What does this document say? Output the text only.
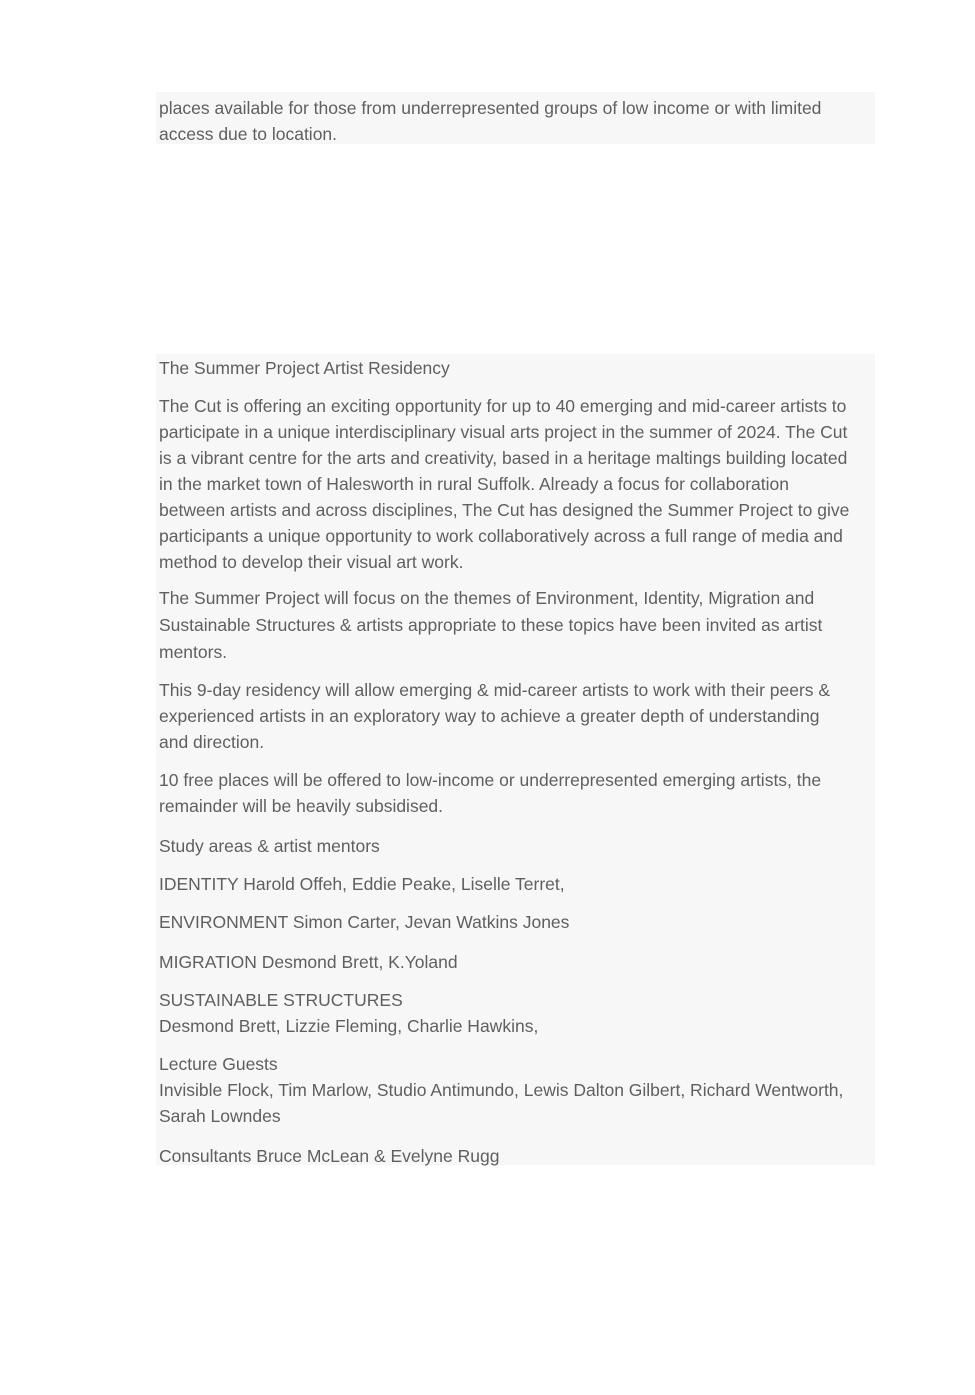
places available for those from underrepresented groups of low income or with limited
access due to location.

The Summer Project Artist Residency

The Cut is offering an exciting opportunity for up to 40 emerging and mid-career artists to
participate in a unique interdisciplinary visual arts project in the summer of 2024. The Cut
is a vibrant centre for the arts and creativity, based in a heritage maltings building located
in the market town of Halesworth in rural Suffolk. Already a focus for collaboration
between artists and across disciplines, The Cut has designed the Summer Project to give
participants a unique opportunity to work collaboratively across a full range of media and
method to develop their visual art work.

The Summer Project will focus on the themes of Environment, Identity, Migration and
Sustainable Structures & artists appropriate to these topics have been invited as artist
mentors.

This 9-day residency will allow emerging & mid-career artists to work with their peers &
experienced artists in an exploratory way to achieve a greater depth of understanding
and direction.

10 free places will be offered to low-income or underrepresented emerging artists, the
remainder will be heavily subsidised.

Study areas & artist mentors

IDENTITY Harold Offeh, Eddie Peake, Liselle Terret,

ENVIRONMENT Simon Carter, Jevan Watkins Jones

MIGRATION Desmond Brett, K.Yoland

SUSTAINABLE STRUCTURES
Desmond Brett, Lizzie Fleming, Charlie Hawkins,

Lecture Guests
Invisible Flock, Tim Marlow, Studio Antimundo, Lewis Dalton Gilbert, Richard Wentworth,
Sarah Lowndes

Consultants Bruce McLean & Evelyne Rugg
